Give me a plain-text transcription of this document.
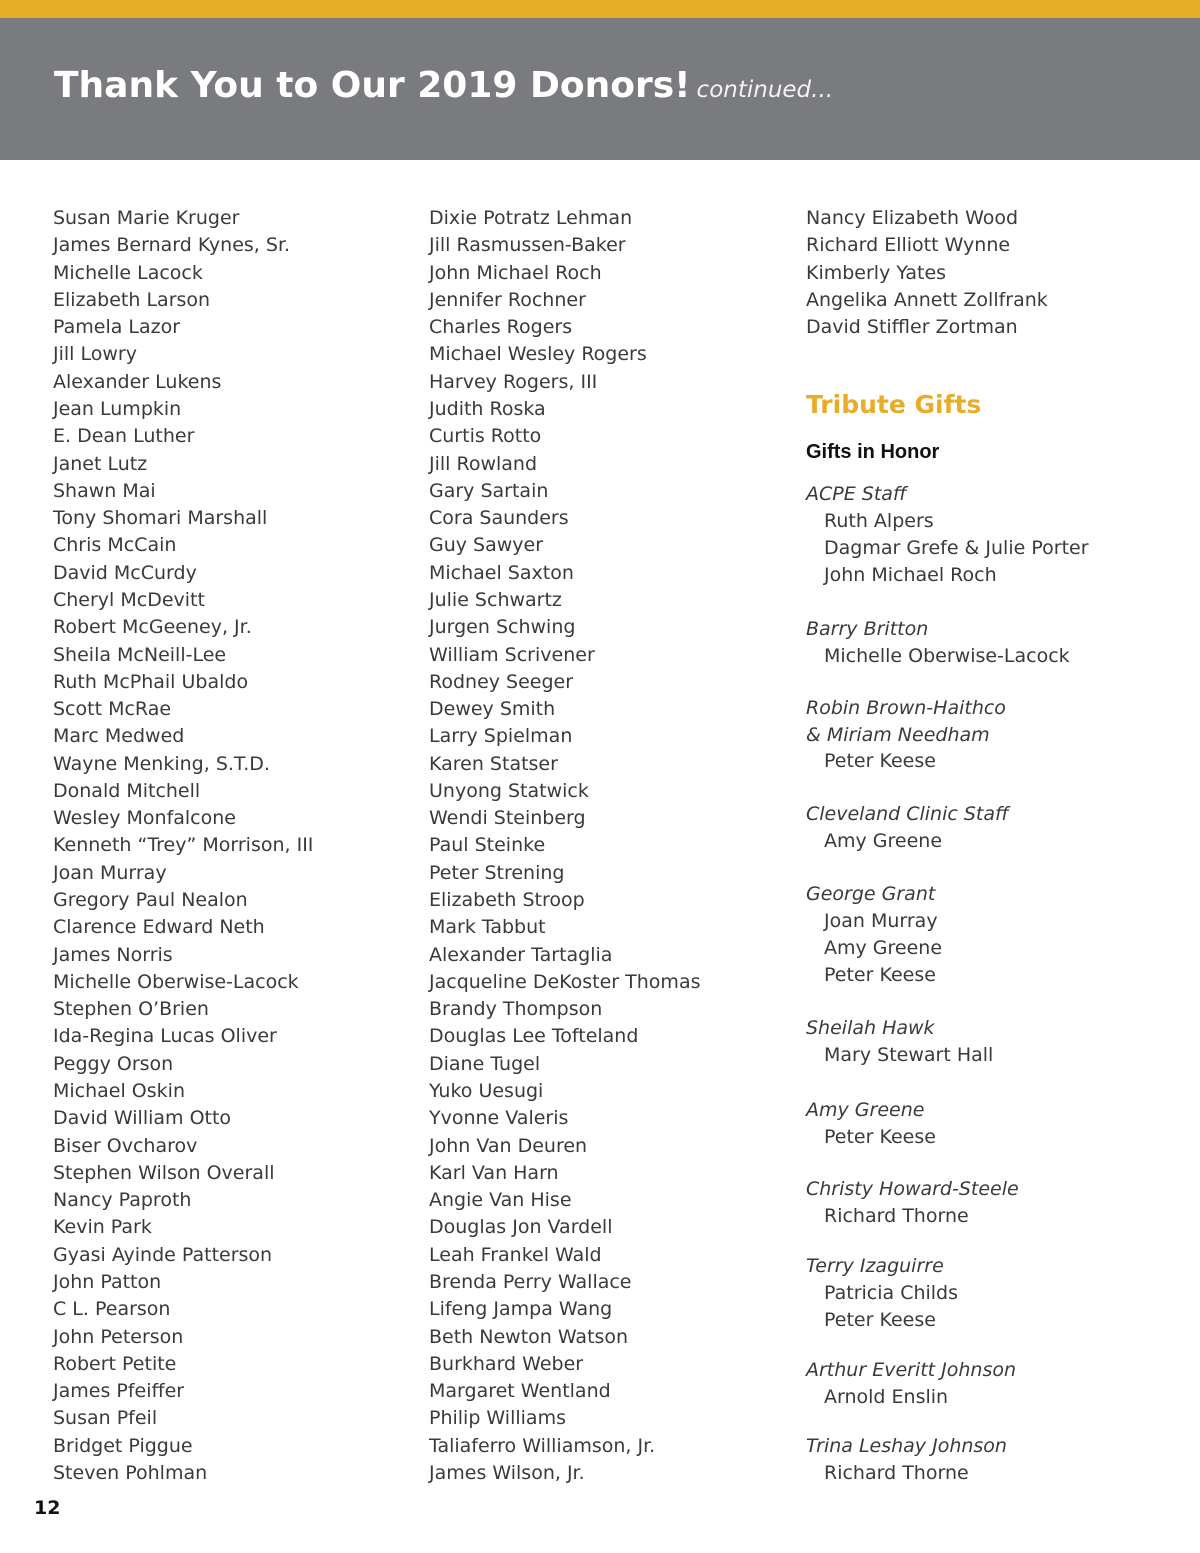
Thank You to Our 2019 Donors! continued...
Susan Marie Kruger
James Bernard Kynes, Sr.
Michelle Lacock
Elizabeth Larson
Pamela Lazor
Jill Lowry
Alexander Lukens
Jean Lumpkin
E. Dean Luther
Janet Lutz
Shawn Mai
Tony Shomari Marshall
Chris McCain
David McCurdy
Cheryl McDevitt
Robert McGeeney, Jr.
Sheila McNeill-Lee
Ruth McPhail Ubaldo
Scott McRae
Marc Medwed
Wayne Menking, S.T.D.
Donald Mitchell
Wesley Monfalcone
Kenneth “Trey” Morrison, III
Joan Murray
Gregory Paul Nealon
Clarence Edward Neth
James Norris
Michelle Oberwise-Lacock
Stephen O’Brien
Ida-Regina Lucas Oliver
Peggy Orson
Michael Oskin
David William Otto
Biser Ovcharov
Stephen Wilson Overall
Nancy Paproth
Kevin Park
Gyasi Ayinde Patterson
John Patton
C L. Pearson
John Peterson
Robert Petite
James Pfeiffer
Susan Pfeil
Bridget Piggue
Steven Pohlman
Dixie Potratz Lehman
Jill Rasmussen-Baker
John Michael Roch
Jennifer Rochner
Charles Rogers
Michael Wesley Rogers
Harvey Rogers, III
Judith Roska
Curtis Rotto
Jill Rowland
Gary Sartain
Cora Saunders
Guy Sawyer
Michael Saxton
Julie Schwartz
Jurgen Schwing
William Scrivener
Rodney Seeger
Dewey Smith
Larry Spielman
Karen Statser
Unyong Statwick
Wendi Steinberg
Paul Steinke
Peter Strening
Elizabeth Stroop
Mark Tabbut
Alexander Tartaglia
Jacqueline DeKoster Thomas
Brandy Thompson
Douglas Lee Tofteland
Diane Tugel
Yuko Uesugi
Yvonne Valeris
John Van Deuren
Karl Van Harn
Angie Van Hise
Douglas Jon Vardell
Leah Frankel Wald
Brenda Perry Wallace
Lifeng Jampa Wang
Beth Newton Watson
Burkhard Weber
Margaret Wentland
Philip Williams
Taliaferro Williamson, Jr.
James Wilson, Jr.
Nancy Elizabeth Wood
Richard Elliott Wynne
Kimberly Yates
Angelika Annett Zollfrank
David Stiffler Zortman
Tribute Gifts
Gifts in Honor
ACPE Staff
Ruth Alpers
Dagmar Grefe & Julie Porter
John Michael Roch
Barry Britton
Michelle Oberwise-Lacock
Robin Brown-Haithco
& Miriam Needham
Peter Keese
Cleveland Clinic Staff
Amy Greene
George Grant
Joan Murray
Amy Greene
Peter Keese
Sheilah Hawk
Mary Stewart Hall
Amy Greene
Peter Keese
Christy Howard-Steele
Richard Thorne
Terry Izaguirre
Patricia Childs
Peter Keese
Arthur Everitt Johnson
Arnold Enslin
Trina Leshay Johnson
Richard Thorne
12
